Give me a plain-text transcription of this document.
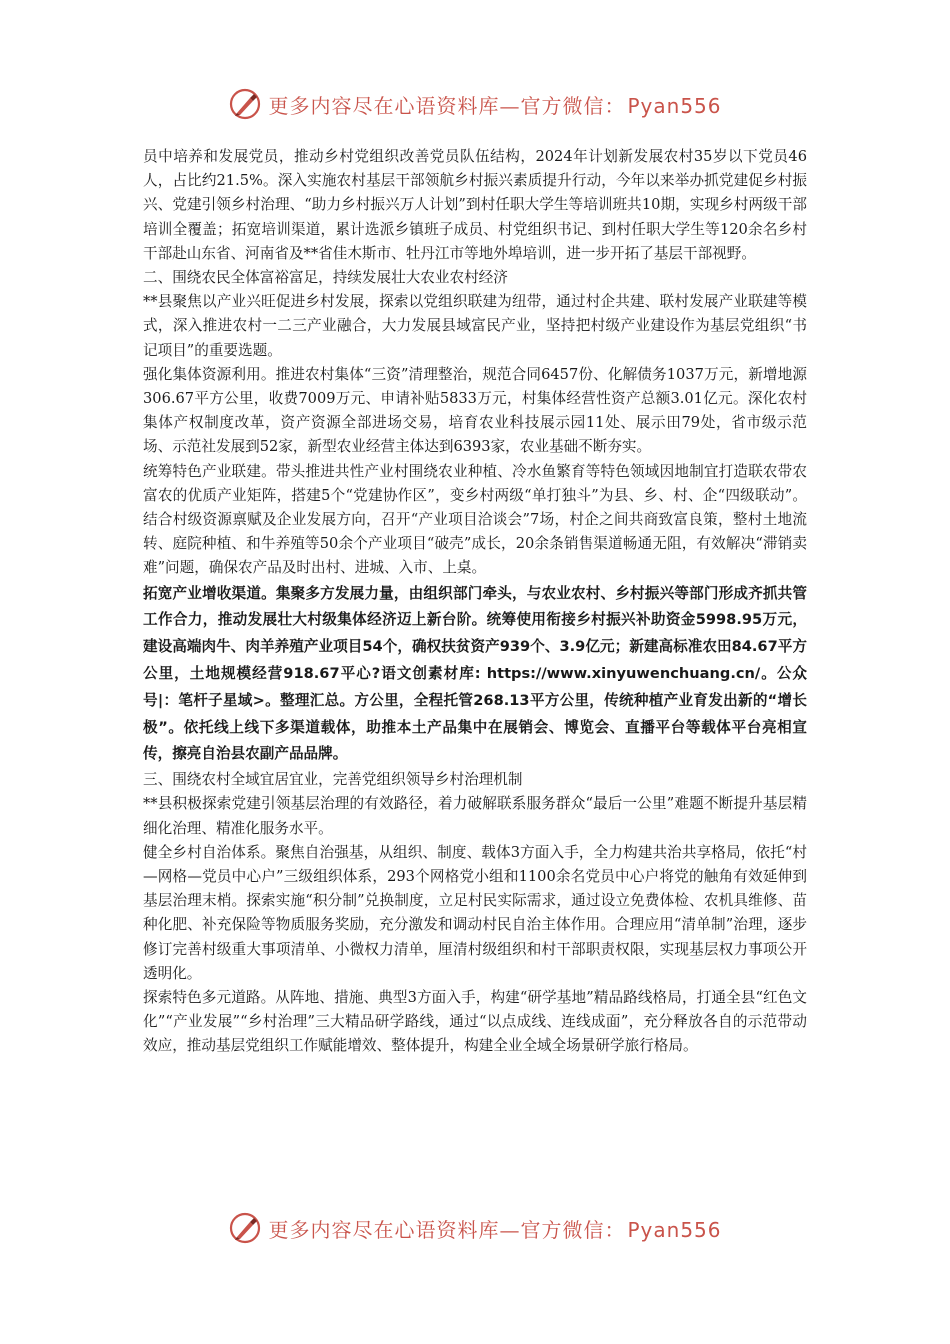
更多内容尽在心语资料库—官方微信： Pyan556

员中培养和发展党员，推动乡村党组织改善党员队伍结构，2024年计划新发展农村35岁以下党员46人，占比约21.5%。深入实施农村基层干部领航乡村振兴素质提升行动，今年以来举办抓党建促乡村振兴、党建引领乡村治理、“助力乡村振兴万人计划”到村任职大学生等培训班共10期，实现乡村两级干部培训全覆盖；拓宽培训渠道，累计选派乡镇班子成员、村党组织书记、到村任职大学生等120余名乡村干部赴山东省、河南省及**省佳木斯市、牡丹江市等地外埠培训，进一步开拓了基层干部视野。

二、围绕农民全体富裕富足，持续发展壮大农业农村经济

**县聚焦以产业兴旺促进乡村发展，探索以党组织联建为纽带，通过村企共建、联村发展产业联建等模式，深入推进农村一二三产业融合，大力发展县域富民产业，坚持把村级产业建设作为基层党组织“书记项目”的重要选题。

强化集体资源利用。推进农村集体“三资”清理整治，规范合同6457份、化解债务1037万元，新增地源306.67平方公里，收费7009万元、申请补贴5833万元，村集体经营性资产总额3.01亿元。深化农村集体产权制度改革，资产资源全部进场交易，培育农业科技展示园11处、展示田79处，省市级示范场、示范社发展到52家，新型农业经营主体达到6393家，农业基础不断夯实。

统筹特色产业联建。带头推进共性产业村围绕农业种植、冷水鱼繁育等特色领域因地制宜打造联农带农富农的优质产业矩阵，搭建5个“党建协作区”，变乡村两级“单打独斗”为县、乡、村、企“四级联动”。结合村级资源禀赋及企业发展方向，召开“产业项目洽谈会”7场，村企之间共商致富良策，整村土地流转、庭院种植、和牛养殖等50余个产业项目“破壳”成长，20余条销售渠道畅通无阻，有效解决“滞销卖难”问题，确保农产品及时出村、进城、入市、上桌。

拓宽产业增收渠道。集聚多方发展力量，由组织部门牵头，与农业农村、乡村振兴等部门形成齐抓共管工作合力，推动发展壮大村级集体经济迈上新台阶。统筹使用衔接乡村振兴补助资金5998.95万元，建设高端肉牛、肉羊养殖产业项目54个，确权扶贫资产939个、3.9亿元；新建高标准农田84.67平方公里，土地规模经营918.67平心?语文创素材库: https://www.xinyuwenchuang.cn/。公众号|：笔杆子星域>。整理汇总。方公里，全程托管268.13平方公里，传统种植产业育发出新的“增长极”。依托线上线下多渠道载体，助推本土产品集中在展销会、博览会、直播平台等载体平台亮相宣传，擦亮自治县农副产品品牌。

三、围绕农村全域宜居宜业，完善党组织领导乡村治理机制

**县积极探索党建引领基层治理的有效路径，着力破解联系服务群众“最后一公里”难题不断提升基层精细化治理、精准化服务水平。

健全乡村自治体系。聚焦自治强基，从组织、制度、载体3方面入手，全力构建共治共享格局，依托“村—网格—党员中心户”三级组织体系，293个网格党小组和1100余名党员中心户将党的触角有效延伸到基层治理末梢。探索实施“积分制”兑换制度，立足村民实际需求，通过设立免费体检、农机具维修、苗种化肥、补充保险等物质服务奖励，充分激发和调动村民自治主体作用。合理应用“清单制”治理，逐步修订完善村级重大事项清单、小微权力清单，厘清村级组织和村干部职责权限，实现基层权力事项公开透明化。

探索特色多元道路。从阵地、措施、典型3方面入手，构建“研学基地”精品路线格局，打通全县“红色文化”“产业发展”“乡村治理”三大精品研学路线，通过“以点成线、连线成面”，充分释放各自的示范带动效应，推动基层党组织工作赋能增效、整体提升，构建全业全域全场景研学旅行格局。

更多内容尽在心语资料库—官方微信： Pyan556
